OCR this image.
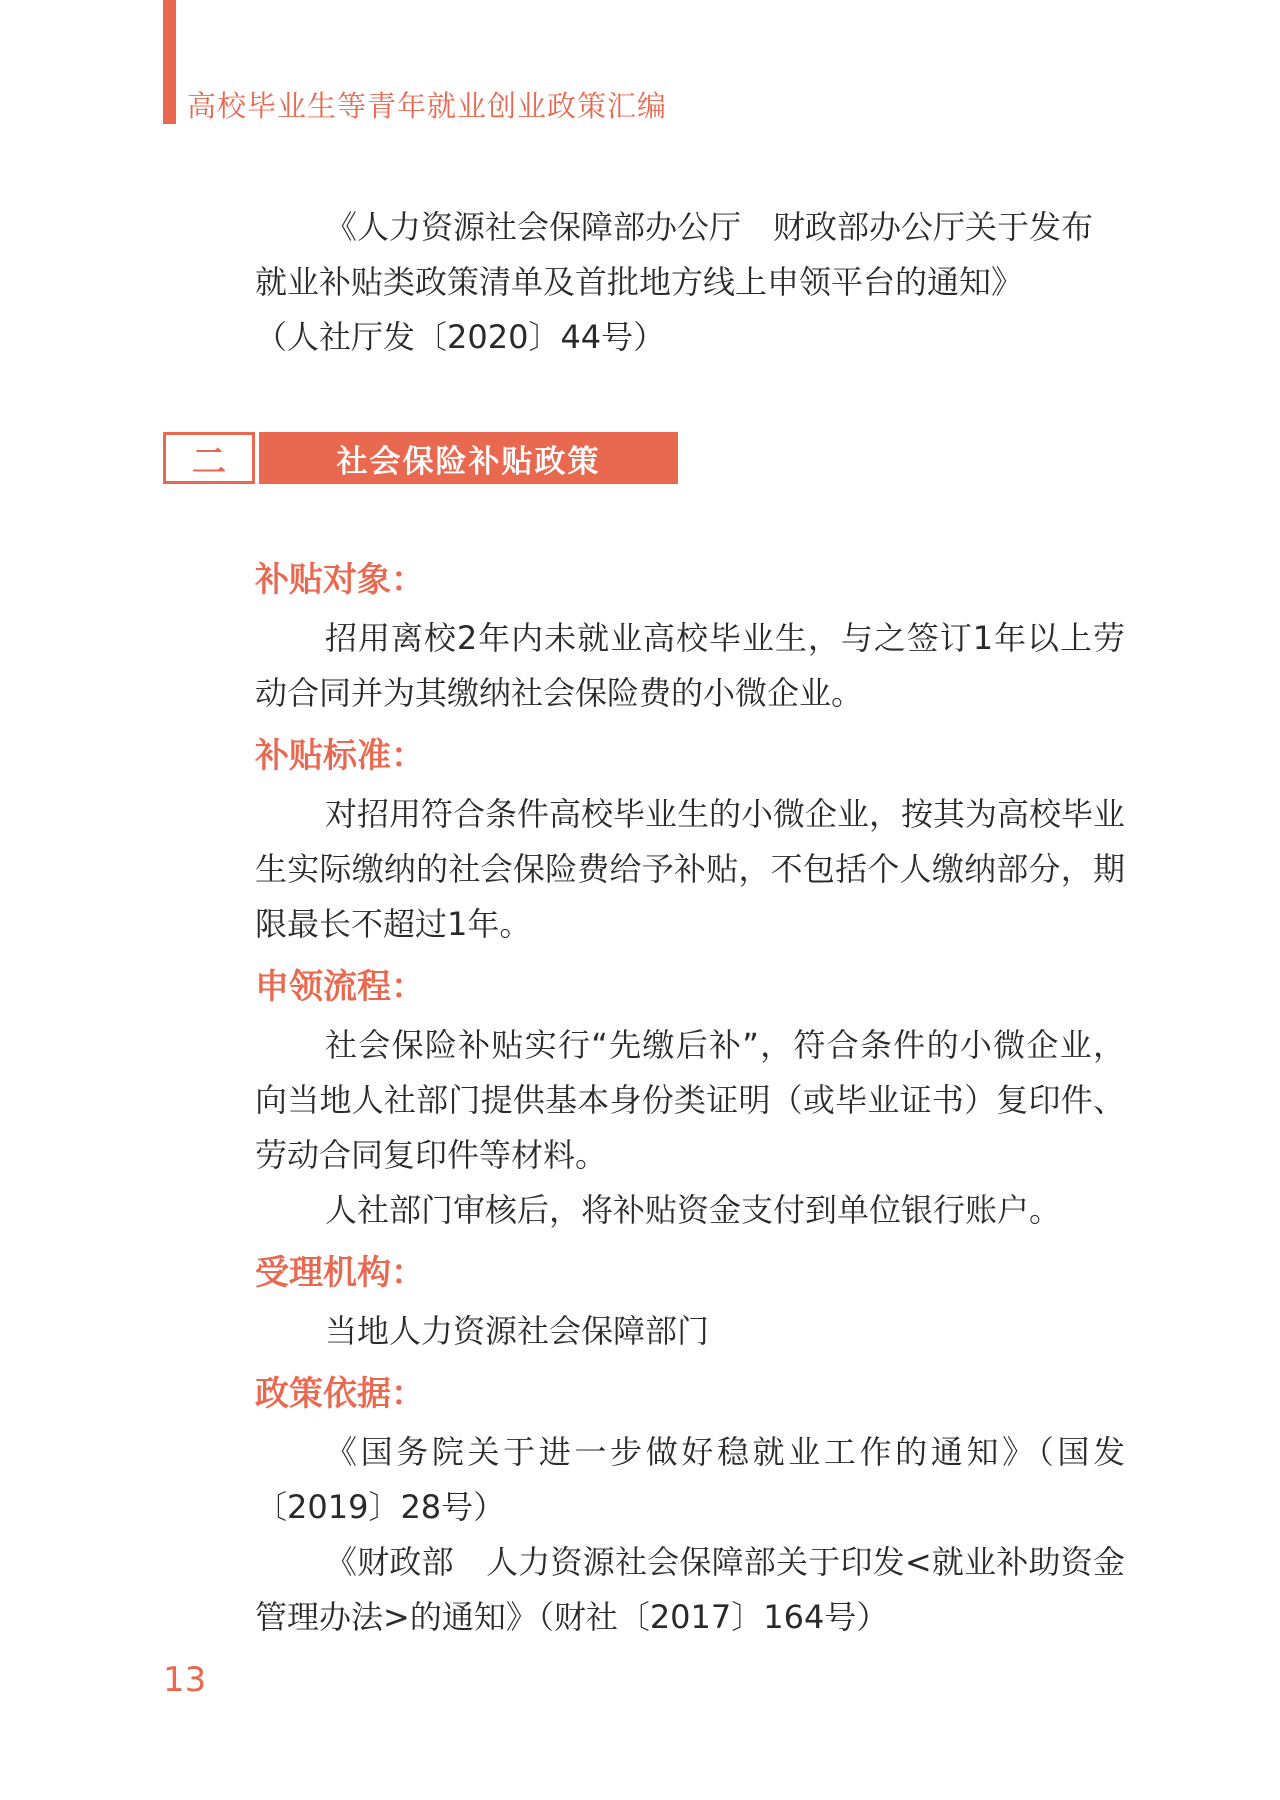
高校毕业生等青年就业创业政策汇编

《人力资源社会保障部办公厅　财政部办公厅关于发布

就业补贴类政策清单及首批地方线上申领平台的通知》

（人社厅发〔2020〕44号）

二	社会保险补贴政策
补贴对象：

招用离校2年内未就业高校毕业生，与之签订1年以上劳动合同并为其缴纳社会保险费的小微企业。

补贴标准：

对招用符合条件高校毕业生的小微企业，按其为高校毕业生实际缴纳的社会保险费给予补贴，不包括个人缴纳部分，期限最长不超过1年。

申领流程：

社会保险补贴实行“先缴后补”，符合条件的小微企业，向当地人社部门提供基本身份类证明（或毕业证书）复印件、劳动合同复印件等材料。

人社部门审核后，将补贴资金支付到单位银行账户。

受理机构：

当地人力资源社会保障部门

政策依据：

《国务院关于进一步做好稳就业工作的通知》（国发〔2019〕28号）

《财政部　人力资源社会保障部关于印发<就业补助资金管理办法>的通知》（财社〔2017〕164号）

13
